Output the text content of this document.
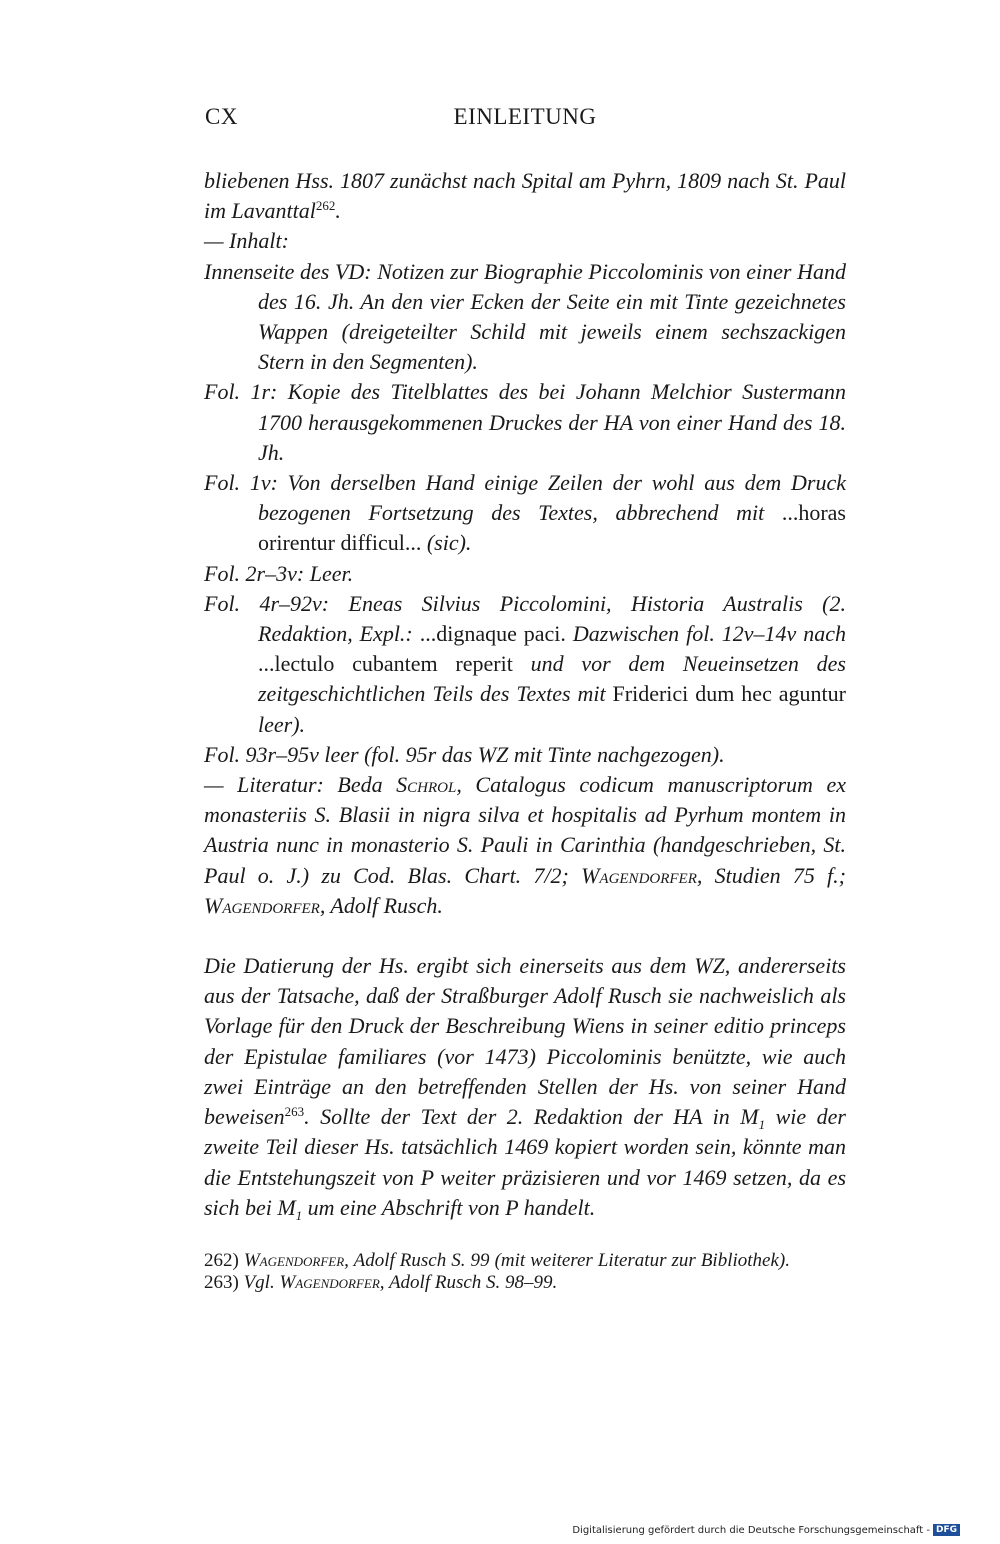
CX	EINLEITUNG

bliebenen Hss. 1807 zunächst nach Spital am Pyhrn, 1809 nach St. Paul im Lavanttal$^{262}$.

— Inhalt:

Innenseite des VD: Notizen zur Biographie Piccolominis von einer Hand des 16. Jh. An den vier Ecken der Seite ein mit Tinte gezeichnetes Wappen (dreigeteilter Schild mit jeweils einem sechszackigen Stern in den Segmenten).

Fol. 1r: Kopie des Titelblattes des bei Johann Melchior Sustermann 1700 herausgekommenen Druckes der HA von einer Hand des 18. Jh.

Fol. 1v: Von derselben Hand einige Zeilen der wohl aus dem Druck bezogenen Fortsetzung des Textes, abbrechend mit ...horas orirentur difficul... (sic).

Fol. 2r–3v: Leer.

Fol. 4r–92v: Eneas Silvius Piccolomini, Historia Australis (2. Redaktion, Expl.: ...dignaque paci. Dazwischen fol. 12v–14v nach ...lectulo cubantem reperit und vor dem Neueinsetzen des zeitgeschichtlichen Teils des Textes mit Friderici dum hec aguntur leer).

Fol. 93r–95v leer (fol. 95r das WZ mit Tinte nachgezogen).

— Literatur: Beda Schrol, Catalogus codicum manuscriptorum ex monasteriis S. Blasii in nigra silva et hospitalis ad Pyrhum montem in Austria nunc in monasterio S. Pauli in Carinthia (handgeschrieben, St. Paul o. J.) zu Cod. Blas. Chart. 7/2; Wagendorfer, Studien 75 f.; Wagendorfer, Adolf Rusch.

Die Datierung der Hs. ergibt sich einerseits aus dem WZ, andererseits aus der Tatsache, daß der Straßburger Adolf Rusch sie nachweislich als Vorlage für den Druck der Beschreibung Wiens in seiner editio princeps der Epistulae familiares (vor 1473) Piccolominis benützte, wie auch zwei Einträge an den betreffenden Stellen der Hs. von seiner Hand beweisen$^{263}$. Sollte der Text der 2. Redaktion der HA in $M_1$ wie der zweite Teil dieser Hs. tatsächlich 1469 kopiert worden sein, könnte man die Entstehungszeit von P weiter präzisieren und vor 1469 setzen, da es sich bei $M_1$ um eine Abschrift von P handelt.

262) Wagendorfer, Adolf Rusch S. 99 (mit weiterer Literatur zur Bibliothek).263) Vgl. Wagendorfer, Adolf Rusch S. 98–99.
Digitalisierung gefördert durch die Deutsche Forschungsgemeinschaft - DFG
